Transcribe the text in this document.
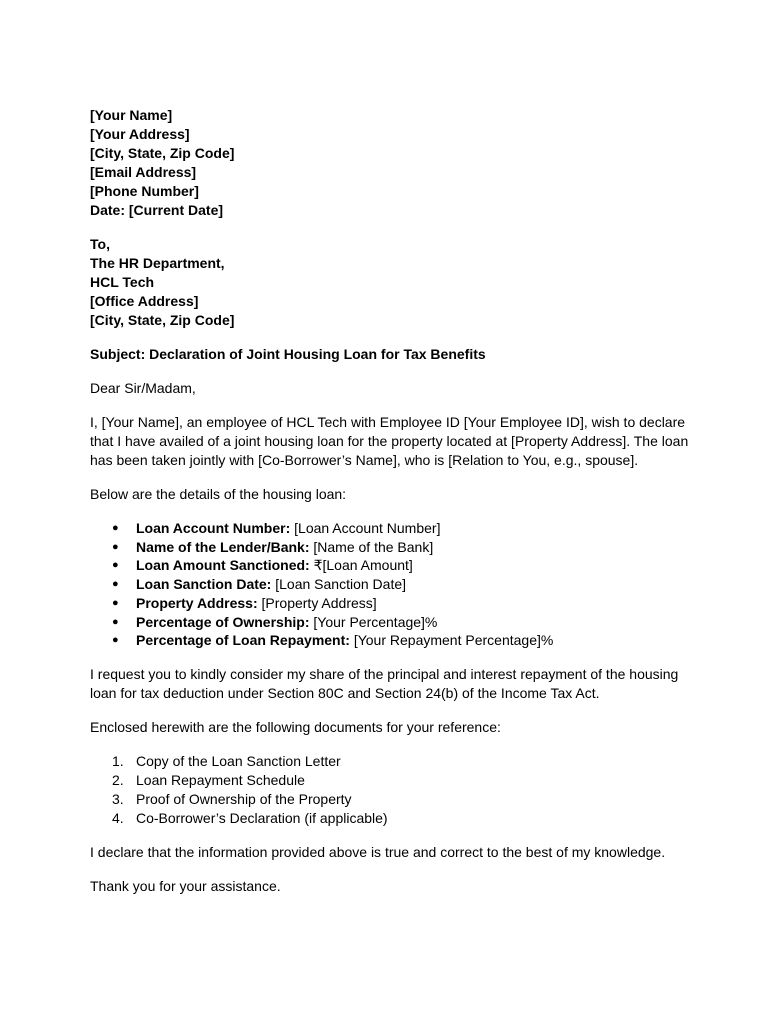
[Your Name]
[Your Address]
[City, State, Zip Code]
[Email Address]
[Phone Number]
Date: [Current Date]
To,
The HR Department,
HCL Tech
[Office Address]
[City, State, Zip Code]

Subject: Declaration of Joint Housing Loan for Tax Benefits

Dear Sir/Madam,

I, [Your Name], an employee of HCL Tech with Employee ID [Your Employee ID], wish to declare that I have availed of a joint housing loan for the property located at [Property Address]. The loan has been taken jointly with [Co-Borrower’s Name], who is [Relation to You, e.g., spouse].

Below are the details of the housing loan:

● Loan Account Number: [Loan Account Number]
● Name of the Lender/Bank: [Name of the Bank]
● Loan Amount Sanctioned: ₹[Loan Amount]
● Loan Sanction Date: [Loan Sanction Date]
● Property Address: [Property Address]
● Percentage of Ownership: [Your Percentage]%
● Percentage of Loan Repayment: [Your Repayment Percentage]%

I request you to kindly consider my share of the principal and interest repayment of the housing loan for tax deduction under Section 80C and Section 24(b) of the Income Tax Act.

Enclosed herewith are the following documents for your reference:

1. Copy of the Loan Sanction Letter
2. Loan Repayment Schedule
3. Proof of Ownership of the Property
4. Co-Borrower’s Declaration (if applicable)

I declare that the information provided above is true and correct to the best of my knowledge.

Thank you for your assistance.
